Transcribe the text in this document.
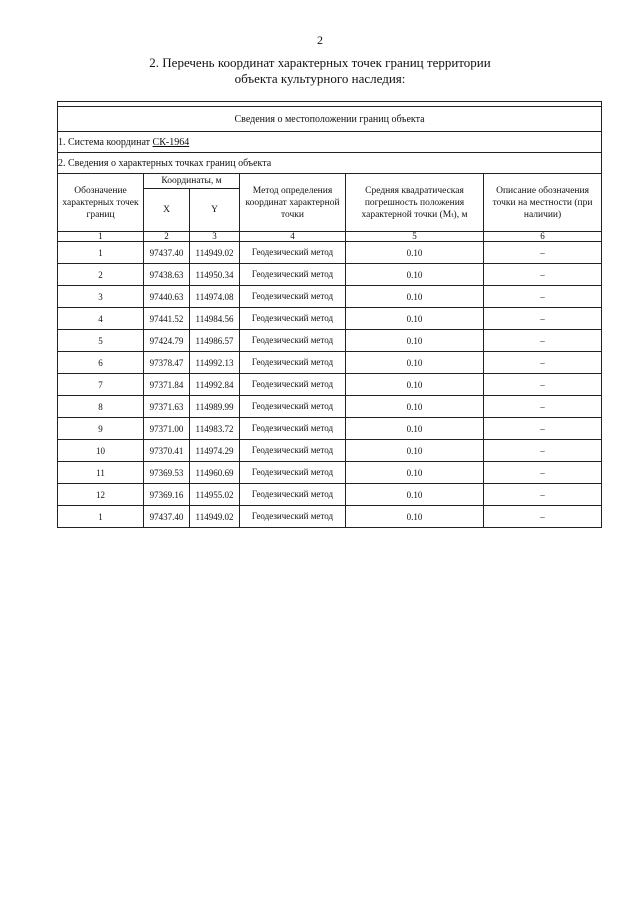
2
2. Перечень координат характерных точек границ территории
объекта культурного наследия:

Сведения о местоположении границ объекта					
1. Система координат СК-1964					
2. Сведения о характерных точках границ объекта					
Обозначение характерных точек границ	Координаты, м		Метод определения координат характерной точки	Средняя квадратическая погрешность положения характерной точки (Mₜ), м	Описание обозначения точки на местности (при наличии)
	X	Y			
1	2	3	4	5	6
1	97437.40	114949.02	Геодезический метод	0.10	–
2	97438.63	114950.34	Геодезический метод	0.10	–
3	97440.63	114974.08	Геодезический метод	0.10	–
4	97441.52	114984.56	Геодезический метод	0.10	–
5	97424.79	114986.57	Геодезический метод	0.10	–
6	97378.47	114992.13	Геодезический метод	0.10	–
7	97371.84	114992.84	Геодезический метод	0.10	–
8	97371.63	114989.99	Геодезический метод	0.10	–
9	97371.00	114983.72	Геодезический метод	0.10	–
10	97370.41	114974.29	Геодезический метод	0.10	–
11	97369.53	114960.69	Геодезический метод	0.10	–
12	97369.16	114955.02	Геодезический метод	0.10	–
1	97437.40	114949.02	Геодезический метод	0.10	–
